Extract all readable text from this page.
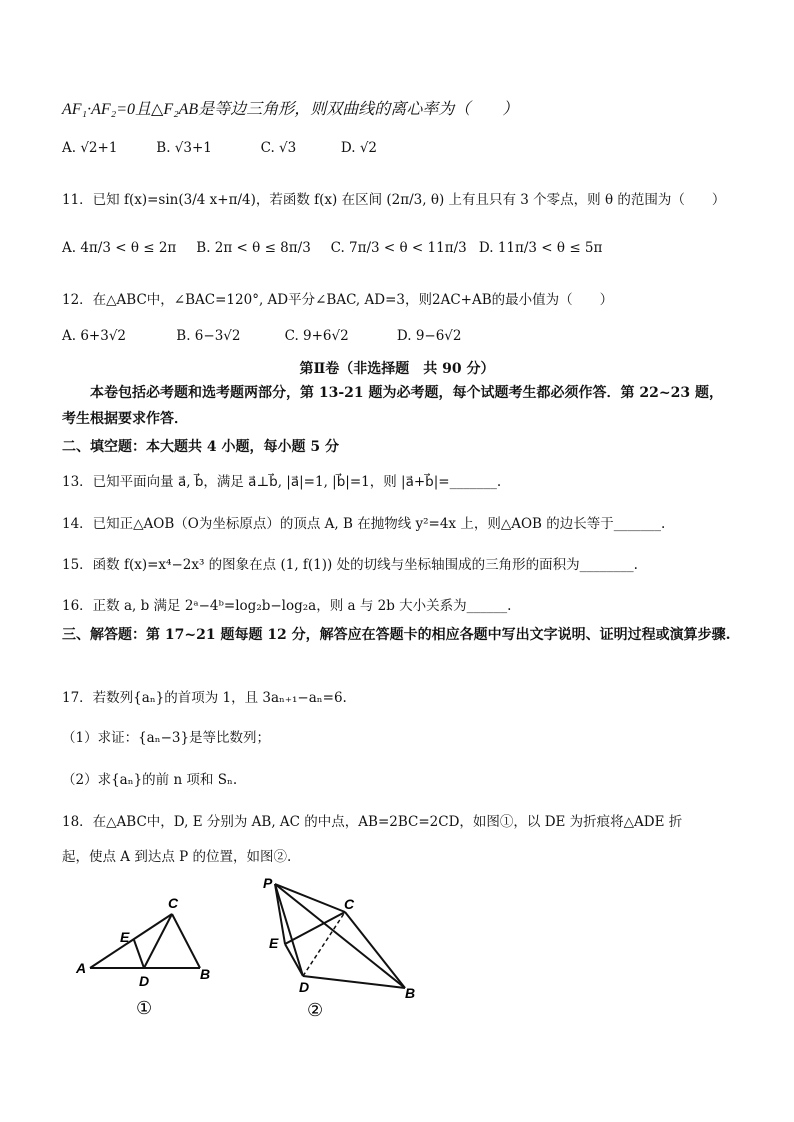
AF₁·AF₂=0且△F₂AB是等边三角形，则双曲线的离心率为（　　）
A. √2+1	B. √3+1	C. √3	D. √2
11．已知 f(x)=sin(3/4 x+π/4)，若函数 f(x) 在区间 (2π/3, θ) 上有且只有 3 个零点，则 θ 的范围为（　　）
A. 4π/3 < θ ≤ 2π B. 2π < θ ≤ 8π/3 C. 7π/3 < θ < 11π/3 D. 11π/3 < θ ≤ 5π
12．在△ABC中，∠BAC=120°, AD平分∠BAC, AD=3，则2AC+AB的最小值为（　　）
A. 6+3√2	B. 6−3√2	C. 9+6√2	D. 9−6√2
第Ⅱ卷（非选择题　共 90 分）
本卷包括必考题和选考题两部分，第 13-21 题为必考题，每个试题考生都必须作答．第 22~23 题，考生根据要求作答．
二、填空题：本大题共 4 小题，每小题 5 分
13．已知平面向量 a⃗, b⃗，满足 a⃗⊥b⃗, |a⃗|=1, |b⃗|=1，则 |a⃗+b⃗|=_______.
14．已知正△AOB（O为坐标原点）的顶点 A, B 在抛物线 y²=4x 上，则△AOB 的边长等于_______.
15．函数 f(x)=x⁴−2x³ 的图象在点 (1, f(1)) 处的切线与坐标轴围成的三角形的面积为________.
16．正数 a, b 满足 2ᵃ−4ᵇ=log₂b−log₂a，则 a 与 2b 大小关系为______.
三、解答题：第 17~21 题每题 12 分，解答应在答题卡的相应各题中写出文字说明、证明过程或演算步骤.
17．若数列{aₙ}的首项为 1，且 3aₙ₊₁−aₙ=6.
（1）求证：{aₙ−3}是等比数列；
（2）求{aₙ}的前 n 项和 Sₙ.
18．在△ABC中，D, E 分别为 AB, AC 的中点，AB=2BC=2CD，如图①，以 DE 为折痕将△ADE 折
起，使点 A 到达点 P 的位置，如图②.
A	B
C
D
E
①
P
B
C
D
E
②
